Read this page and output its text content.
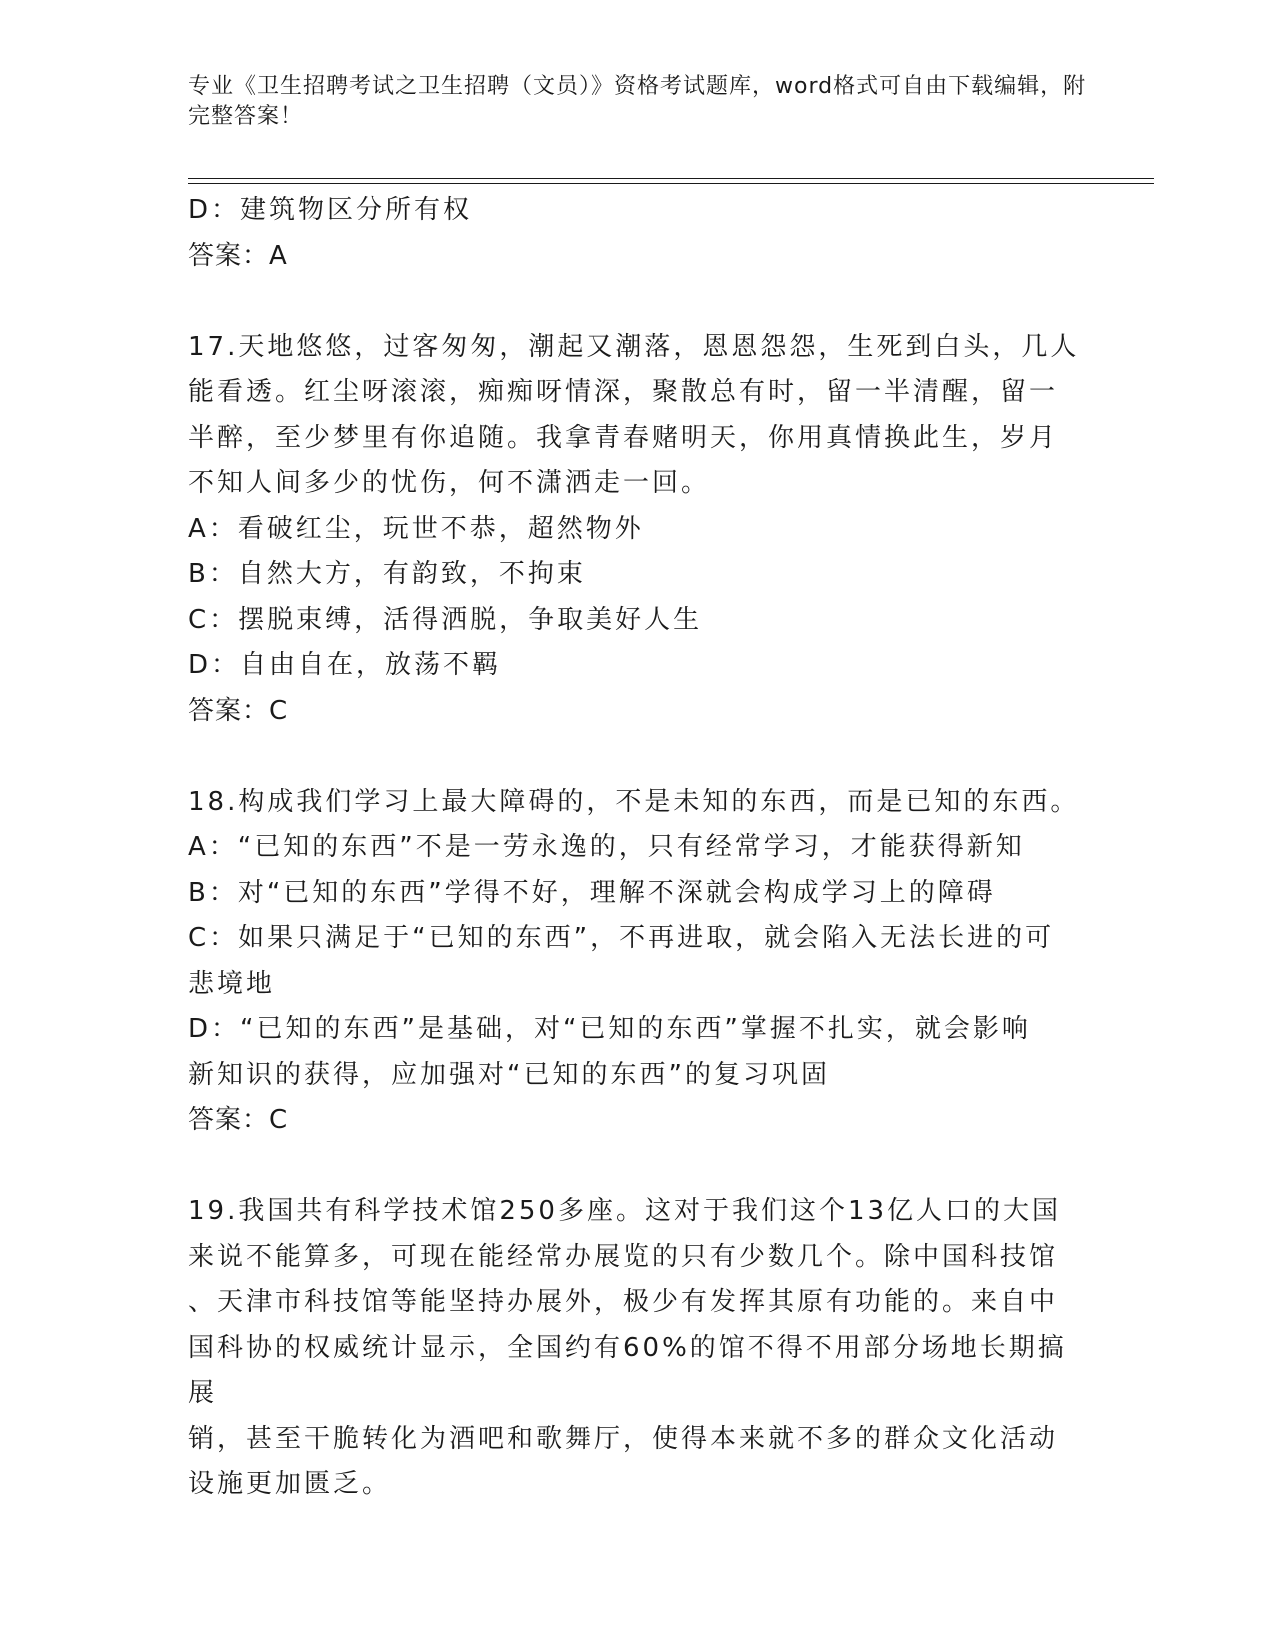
专业《卫生招聘考试之卫生招聘（文员）》资格考试题库，word格式可自由下载编辑，附完整答案！
D：建筑物区分所有权
答案：A
17.天地悠悠，过客匆匆，潮起又潮落，恩恩怨怨，生死到白头，几人
能看透。红尘呀滚滚，痴痴呀情深，聚散总有时，留一半清醒，留一
半醉，至少梦里有你追随。我拿青春赌明天，你用真情换此生，岁月
不知人间多少的忧伤，何不潇洒走一回。
A：看破红尘，玩世不恭，超然物外
B：自然大方，有韵致，不拘束
C：摆脱束缚，活得洒脱，争取美好人生
D：自由自在，放荡不羁
答案：C
18.构成我们学习上最大障碍的，不是未知的东西，而是已知的东西。
A：“已知的东西”不是一劳永逸的，只有经常学习，才能获得新知
B：对“已知的东西”学得不好，理解不深就会构成学习上的障碍
C：如果只满足于“已知的东西”，不再进取，就会陷入无法长进的可
悲境地
D：“已知的东西”是基础，对“已知的东西”掌握不扎实，就会影响
新知识的获得，应加强对“已知的东西”的复习巩固
答案：C
19.我国共有科学技术馆250多座。这对于我们这个13亿人口的大国
来说不能算多，可现在能经常办展览的只有少数几个。除中国科技馆
、天津市科技馆等能坚持办展外，极少有发挥其原有功能的。来自中
国科协的权威统计显示，全国约有60%的馆不得不用部分场地长期搞展
销，甚至干脆转化为酒吧和歌舞厅，使得本来就不多的群众文化活动
设施更加匮乏。
